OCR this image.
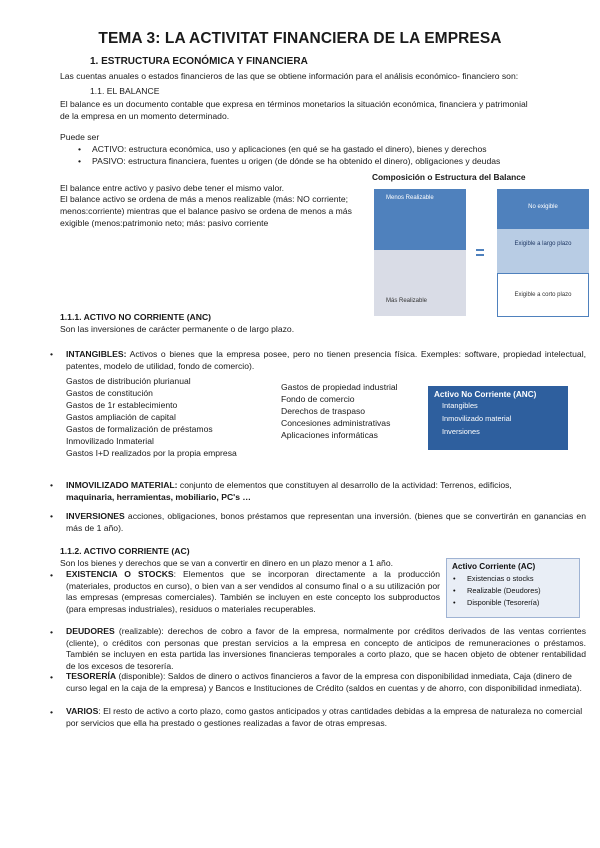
TEMA 3: LA ACTIVITAT FINANCIERA DE LA EMPRESA
1. ESTRUCTURA ECONÓMICA Y FINANCIERA
Las cuentas anuales o estados financieros de las que se obtiene información para el análisis económico- financiero son:
1.1. EL BALANCE
El balance es un documento contable que expresa en términos monetarios la situación económica, financiera y patrimonial de la empresa en un momento determinado.
Puede ser
• ACTIVO: estructura económica, uso y aplicaciones (en qué se ha gastado el dinero), bienes y derechos
• PASIVO: estructura financiera, fuentes u origen (de dónde se ha obtenido el dinero), obligaciones y deudas
El balance entre activo y pasivo debe tener el mismo valor.
El balance activo se ordena de más a menos realizable (más: NO corriente; menos:corriente) mientras que el balance pasivo se ordena de menos a más exigible (menos:patrimonio neto; más: pasivo corriente
Composición o Estructura del Balance
Menos Realizable
Más Realizable
No exigible
Exigible a largo plazo
Exigible a corto plazo
1.1.1. ACTIVO NO CORRIENTE (ANC)
Son las inversiones de carácter permanente o de largo plazo.
•	INTANGIBLES: Activos o bienes que la empresa posee, pero no tienen presencia física. Exemples: software, propiedad intelectual, patentes, modelo de utilidad, fondo de comercio).
Gastos de distribución plurianual
Gastos de constitución
Gastos de 1r establecimiento
Gastos ampliación de capital
Gastos de formalización de préstamos
Inmovilizado Inmaterial
Gastos I+D realizados por la propia empresa
Gastos de propiedad industrial
Fondo de comercio
Derechos de traspaso
Concesiones administrativas
Aplicaciones informáticas
Activo No Corriente (ANC)
Intangibles
Inmovilizado material
Inversiones
•	INMOVILIZADO MATERIAL: conjunto de elementos que constituyen al desarrollo de la actividad: Terrenos, edificios,
maquinaria, herramientas, mobiliario, PC's …
•	INVERSIONES acciones, obligaciones, bonos préstamos que representan una inversión. (bienes que se convertirán en ganancias en más de 1 año).
1.1.2. ACTIVO CORRIENTE (AC)
Son los bienes y derechos que se van a convertir en dinero en un plazo menor a 1 año.
•	EXISTENCIA O STOCKS: Elementos que se incorporan directamente a la producción (materiales, productos en curso), o bien van a ser vendidos al consumo final o a su utilización por las empresas (empresas comerciales). También se incluyen en este concepto los subproductos (para empresas industriales), residuos o materiales recuperables.
Activo Corriente (AC)
• Existencias o stocks
• Realizable (Deudores)
• Disponible (Tesorería)
•	DEUDORES (realizable): derechos de cobro a favor de la empresa, normalmente por créditos derivados de las ventas corrientes (cliente), o créditos con personas que prestan servicios a la empresa en concepto de anticipos de remuneraciones o préstamos. También se incluyen en esta partida las inversiones financieras temporales a corto plazo, que se hacen objeto de obtener rentabilidad de los excesos de tesorería.
•	TESORERÍA (disponible): Saldos de dinero o activos financieros a favor de la empresa con disponibilidad inmediata, Caja (dinero de curso legal en la caja de la empresa) y Bancos e Instituciones de Crédito (saldos en cuentas y de ahorro, con disponibilidad inmediata).
•	VARIOS: El resto de activo a corto plazo, como gastos anticipados y otras cantidades debidas a la empresa de naturaleza no comercial por servicios que ella ha prestado o gestiones realizadas a favor de otras empresas.
